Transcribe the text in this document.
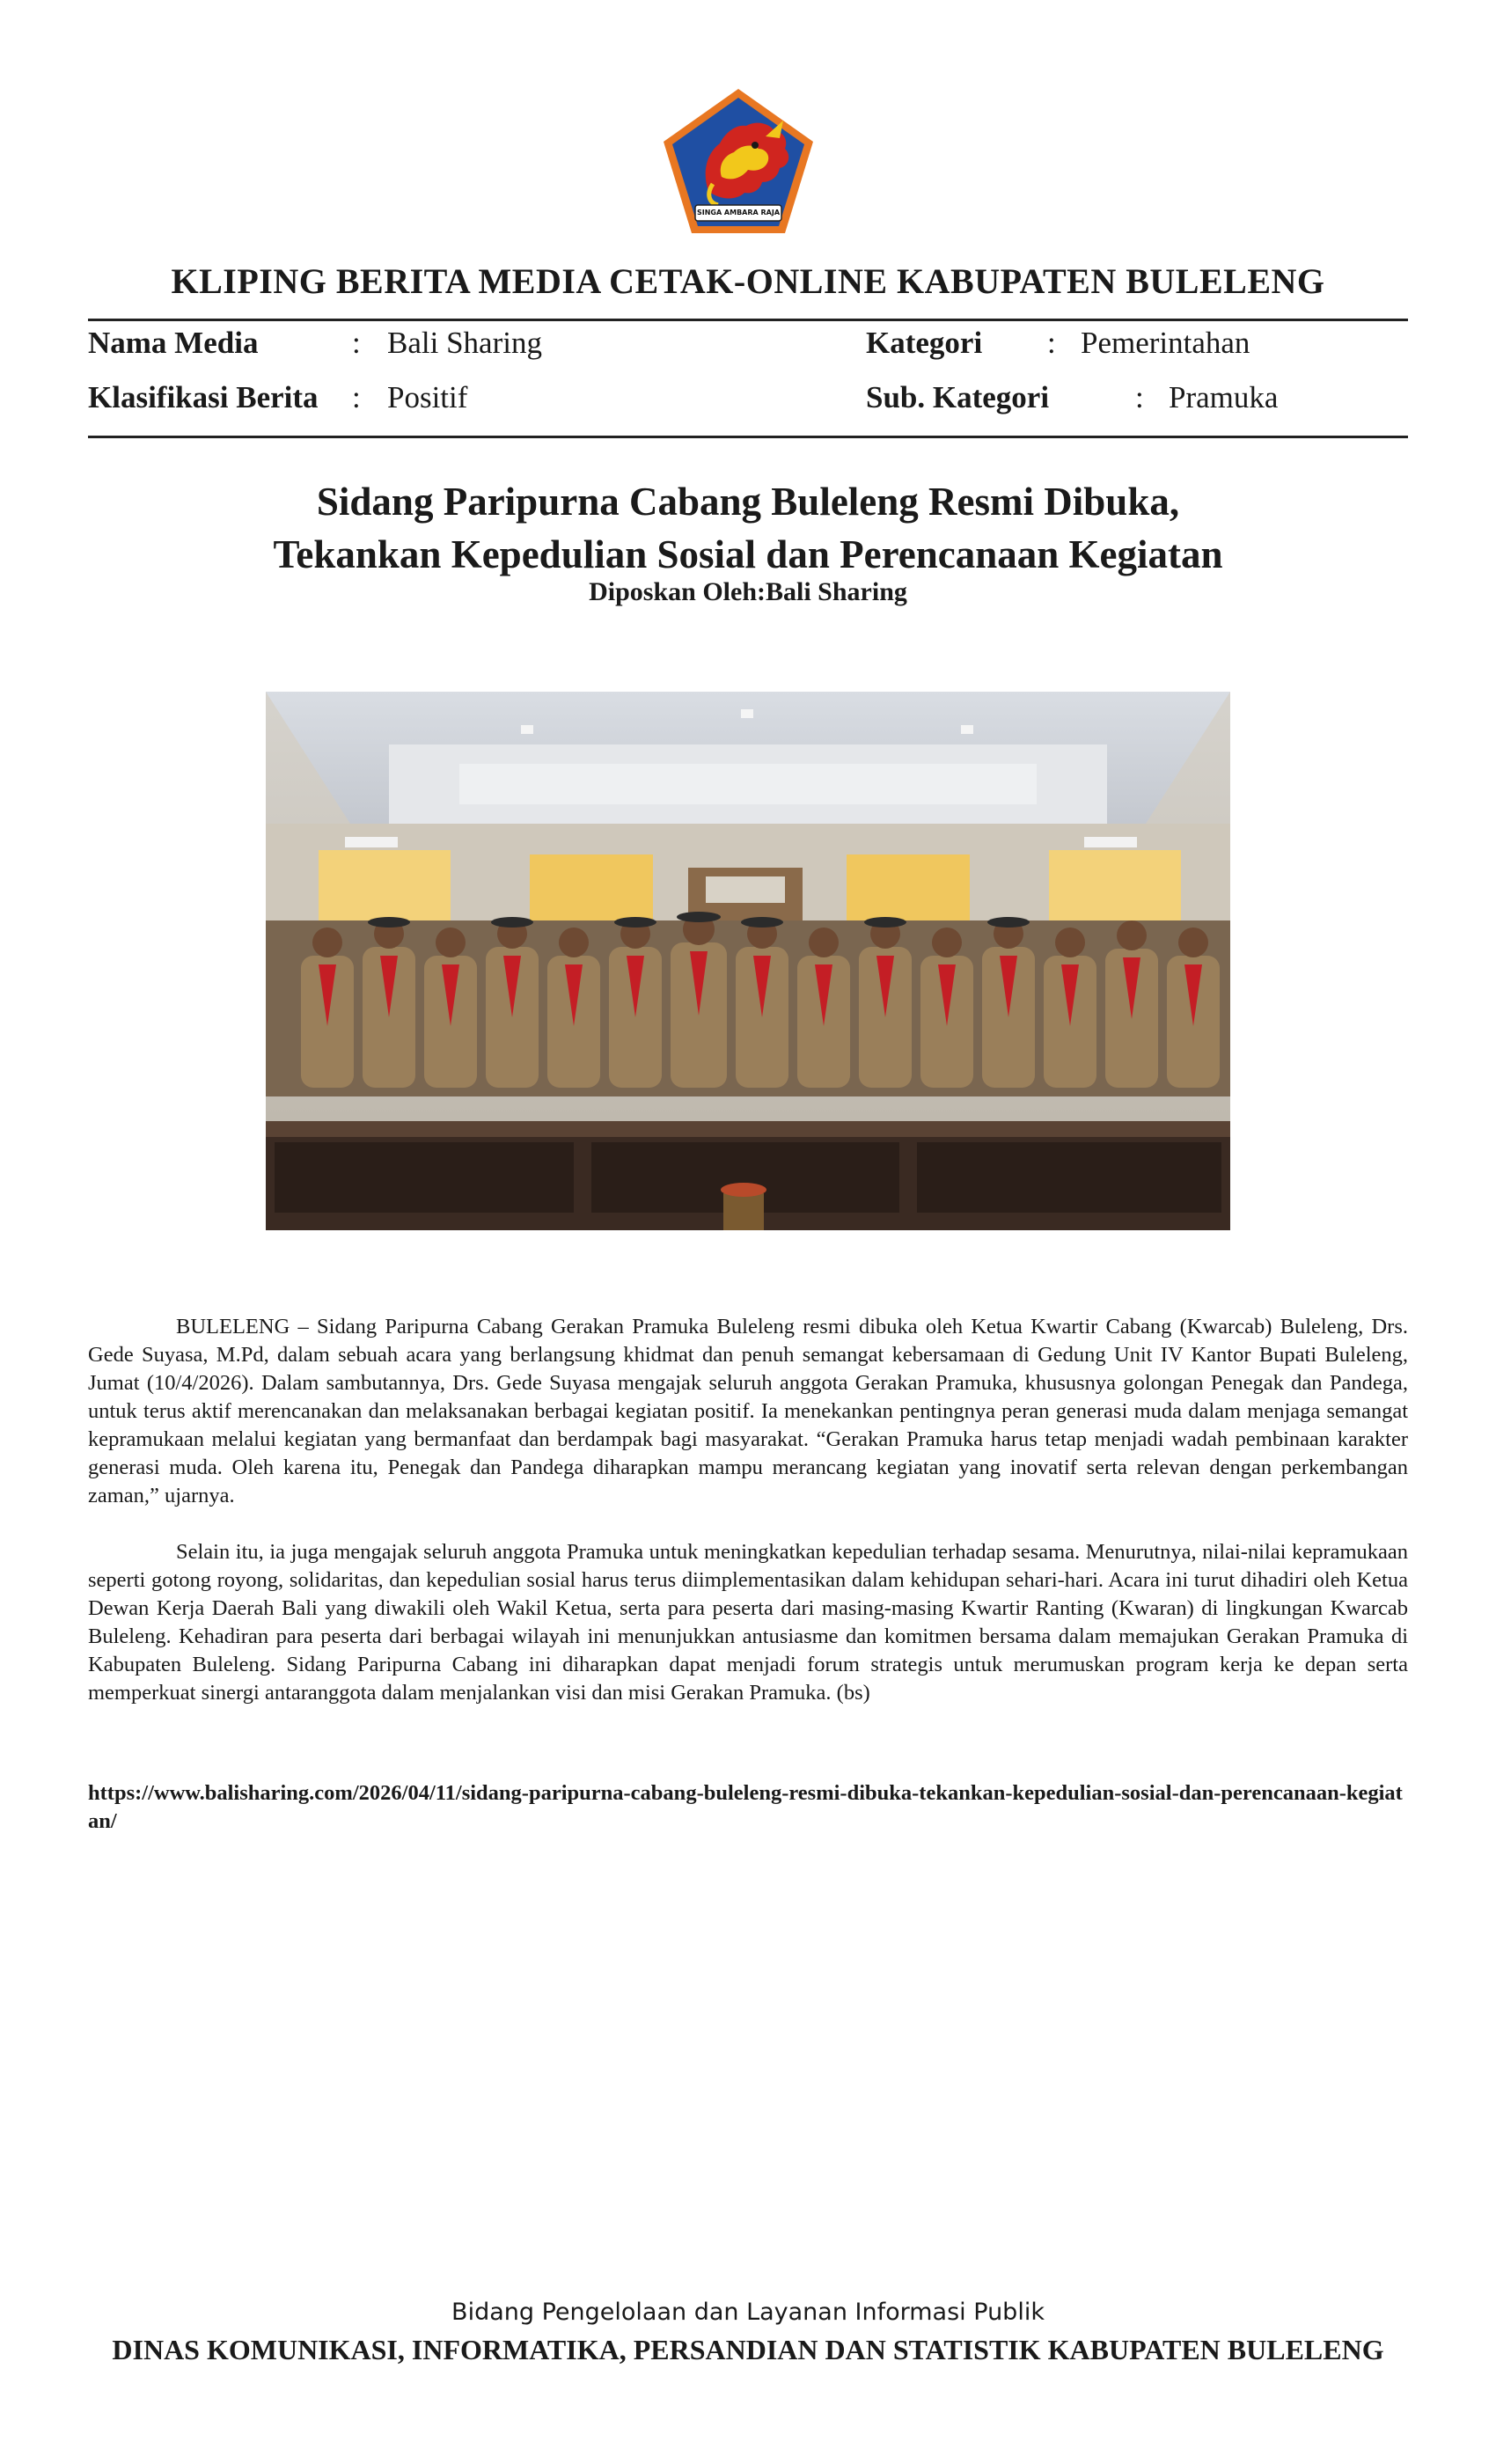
SINGA AMBARA RAJA
KLIPING BERITA MEDIA CETAK-ONLINE KABUPATEN BULELENG
Nama Media	: Bali Sharing	Kategori : Pemerintahan
Klasifikasi Berita : Positif	Sub. Kategori	: Pramuka
Sidang Paripurna Cabang Buleleng Resmi Dibuka,
Tekankan Kepedulian Sosial dan Perencanaan Kegiatan
Diposkan Oleh:Bali Sharing

BULELENG – Sidang Paripurna Cabang Gerakan Pramuka Buleleng resmi dibuka oleh Ketua Kwartir Cabang (Kwarcab) Buleleng, Drs. Gede Suyasa, M.Pd, dalam sebuah acara yang berlangsung khidmat dan penuh semangat kebersamaan di Gedung Unit IV Kantor Bupati Buleleng, Jumat (10/4/2026). Dalam sambutannya, Drs. Gede Suyasa mengajak seluruh anggota Gerakan Pramuka, khususnya golongan Penegak dan Pandega, untuk terus aktif merencanakan dan melaksanakan berbagai kegiatan positif. Ia menekankan pentingnya peran generasi muda dalam menjaga semangat kepramukaan melalui kegiatan yang bermanfaat dan berdampak bagi masyarakat. “Gerakan Pramuka harus tetap menjadi wadah pembinaan karakter generasi muda. Oleh karena itu, Penegak dan Pandega diharapkan mampu merancang kegiatan yang inovatif serta relevan dengan perkembangan zaman,” ujarnya.

Selain itu, ia juga mengajak seluruh anggota Pramuka untuk meningkatkan kepedulian terhadap sesama. Menurutnya, nilai-nilai kepramukaan seperti gotong royong, solidaritas, dan kepedulian sosial harus terus diimplementasikan dalam kehidupan sehari-hari. Acara ini turut dihadiri oleh Ketua Dewan Kerja Daerah Bali yang diwakili oleh Wakil Ketua, serta para peserta dari masing-masing Kwartir Ranting (Kwaran) di lingkungan Kwarcab Buleleng. Kehadiran para peserta dari berbagai wilayah ini menunjukkan antusiasme dan komitmen bersama dalam memajukan Gerakan Pramuka di Kabupaten Buleleng. Sidang Paripurna Cabang ini diharapkan dapat menjadi forum strategis untuk merumuskan program kerja ke depan serta memperkuat sinergi antaranggota dalam menjalankan visi dan misi Gerakan Pramuka. (bs)

https://www.balisharing.com/2026/04/11/sidang-paripurna-cabang-buleleng-resmi-dibuka-tekankan-kepedulian-sosial-dan-perencanaan-kegiatan/
Bidang Pengelolaan dan Layanan Informasi Publik
DINAS KOMUNIKASI, INFORMATIKA, PERSANDIAN DAN STATISTIK KABUPATEN BULELENG
